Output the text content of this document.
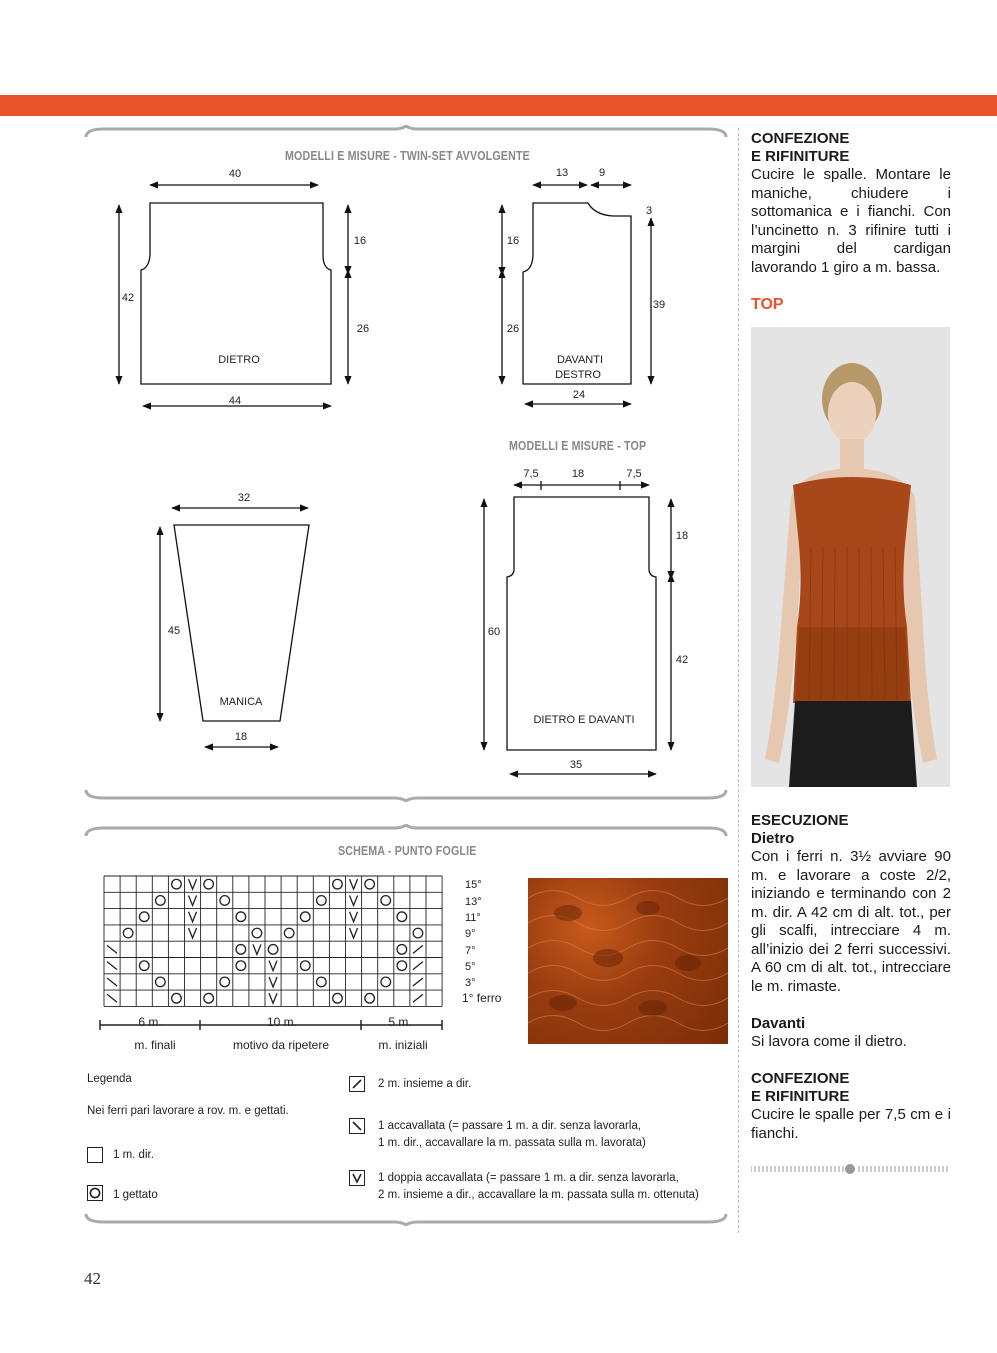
MODELLI E MISURE - TWIN-SET AVVOLGENTE
MODELLI E MISURE - TOP
SCHEMA - PUNTO FOGLIE
40
44
42
16
26
DIETRO
13	9
3
16
26
39
24
DAVANTI
DESTRO
32
45
18
MANICA
7,5	18	7,5
60
18
42
35
DIETRO E DAVANTI
15°
13°
11°
9°
7°
5°
3°
1° ferro
6 m.	10 m.	5 m.
m. finali	motivo da ripetere	m. iniziali
Legenda
Nei ferri pari lavorare a rov. m. e gettati.
1 m. dir.
1 gettato
2 m. insieme a dir.
1 accavallata (= passare 1 m. a dir. senza lavorarla,
1 m. dir., accavallare la m. passata sulla m. lavorata)
1 doppia accavallata (= passare 1 m. a dir. senza lavorarla,
2 m. insieme a dir., accavallare la m. passata sulla m. ottenuta)
CONFEZIONE
E RIFINITURE

Cucire le spalle. Montare le maniche, chiudere i sottomanica e i fianchi. Con l’uncinetto n. 3 rifinire tutti i margini del cardigan lavorando 1 giro a m. bassa.

TOP
ESECUZIONE
Dietro

Con i ferri n. 3½ avviare 90 m. e lavorare a coste 2/2, iniziando e terminando con 2 m. dir. A 42 cm di alt. tot., per gli scalfi, intrecciare 4 m. all’inizio dei 2 ferri successivi. A 60 cm di alt. tot., intrecciare le m. rimaste.

Davanti

Si lavora come il dietro.

CONFEZIONE
E RIFINITURE

Cucire le spalle per 7,5 cm e i fianchi.

42
